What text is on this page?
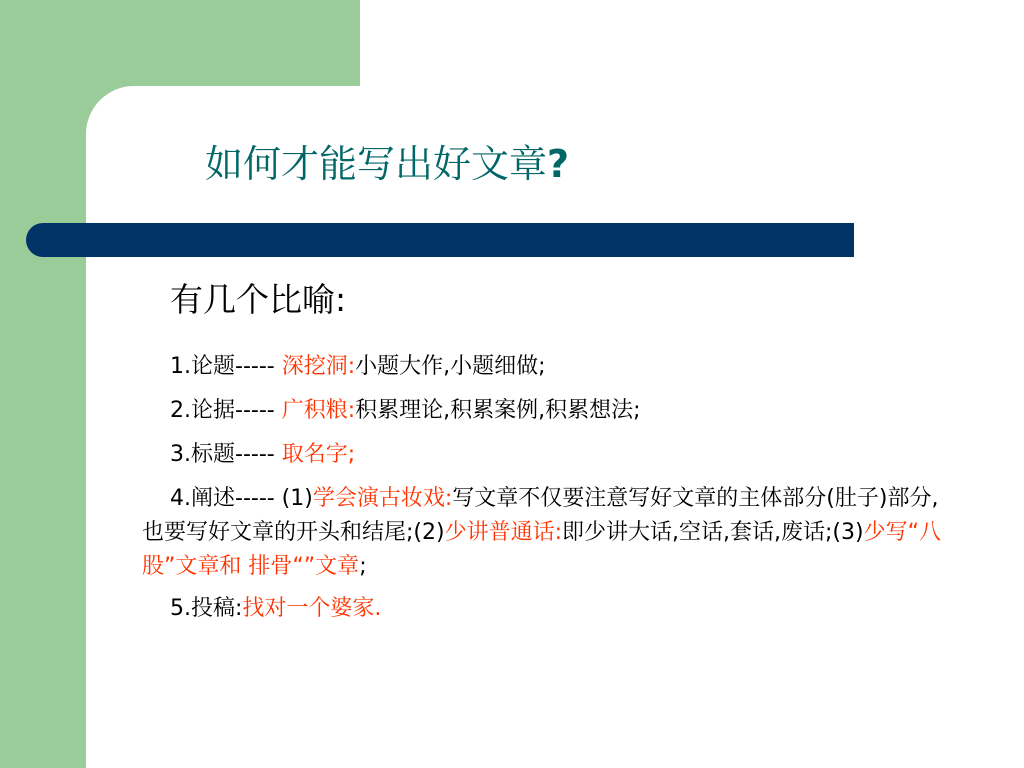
如何才能写出好文章?
有几个比喻:
1.论题----- 深挖洞:小题大作,小题细做;
2.论据----- 广积粮:积累理论,积累案例,积累想法;
3.标题----- 取名字;
4.阐述----- (1)学会演古妆戏:写文章不仅要注意写好文章的主体部分(肚子)部分,也要写好文章的开头和结尾;(2)少讲普通话:即少讲大话,空话,套话,废话;(3)少写“八股”文章和 排骨“”文章;
5.投稿:找对一个婆家.
